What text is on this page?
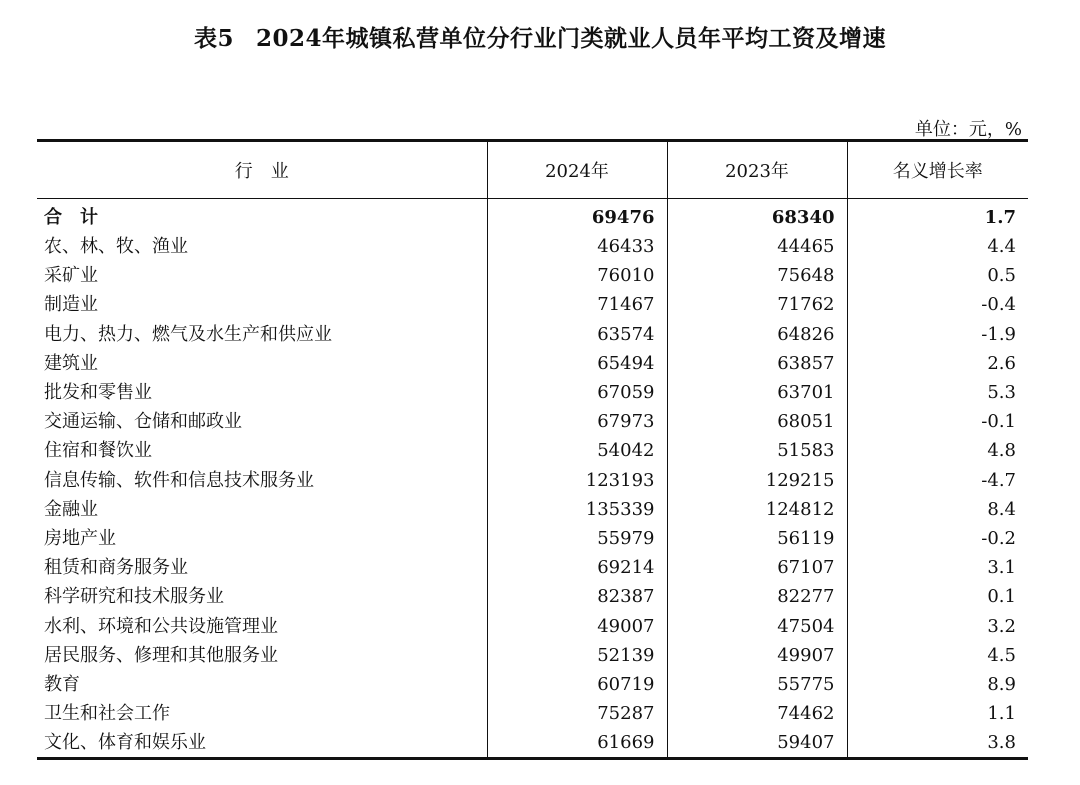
表5 2024年城镇私营单位分行业门类就业人员年平均工资及增速
单位：元，%
行　业	2024年	2023年	名义增长率
合　计	69476	68340	1.7
农、林、牧、渔业	46433	44465	4.4
采矿业	76010	75648	0.5
制造业	71467	71762	-0.4
电力、热力、燃气及水生产和供应业	63574	64826	-1.9
建筑业	65494	63857	2.6
批发和零售业	67059	63701	5.3
交通运输、仓储和邮政业	67973	68051	-0.1
住宿和餐饮业	54042	51583	4.8
信息传输、软件和信息技术服务业	123193	129215	-4.7
金融业	135339	124812	8.4
房地产业	55979	56119	-0.2
租赁和商务服务业	69214	67107	3.1
科学研究和技术服务业	82387	82277	0.1
水利、环境和公共设施管理业	49007	47504	3.2
居民服务、修理和其他服务业	52139	49907	4.5
教育	60719	55775	8.9
卫生和社会工作	75287	74462	1.1
文化、体育和娱乐业	61669	59407	3.8
